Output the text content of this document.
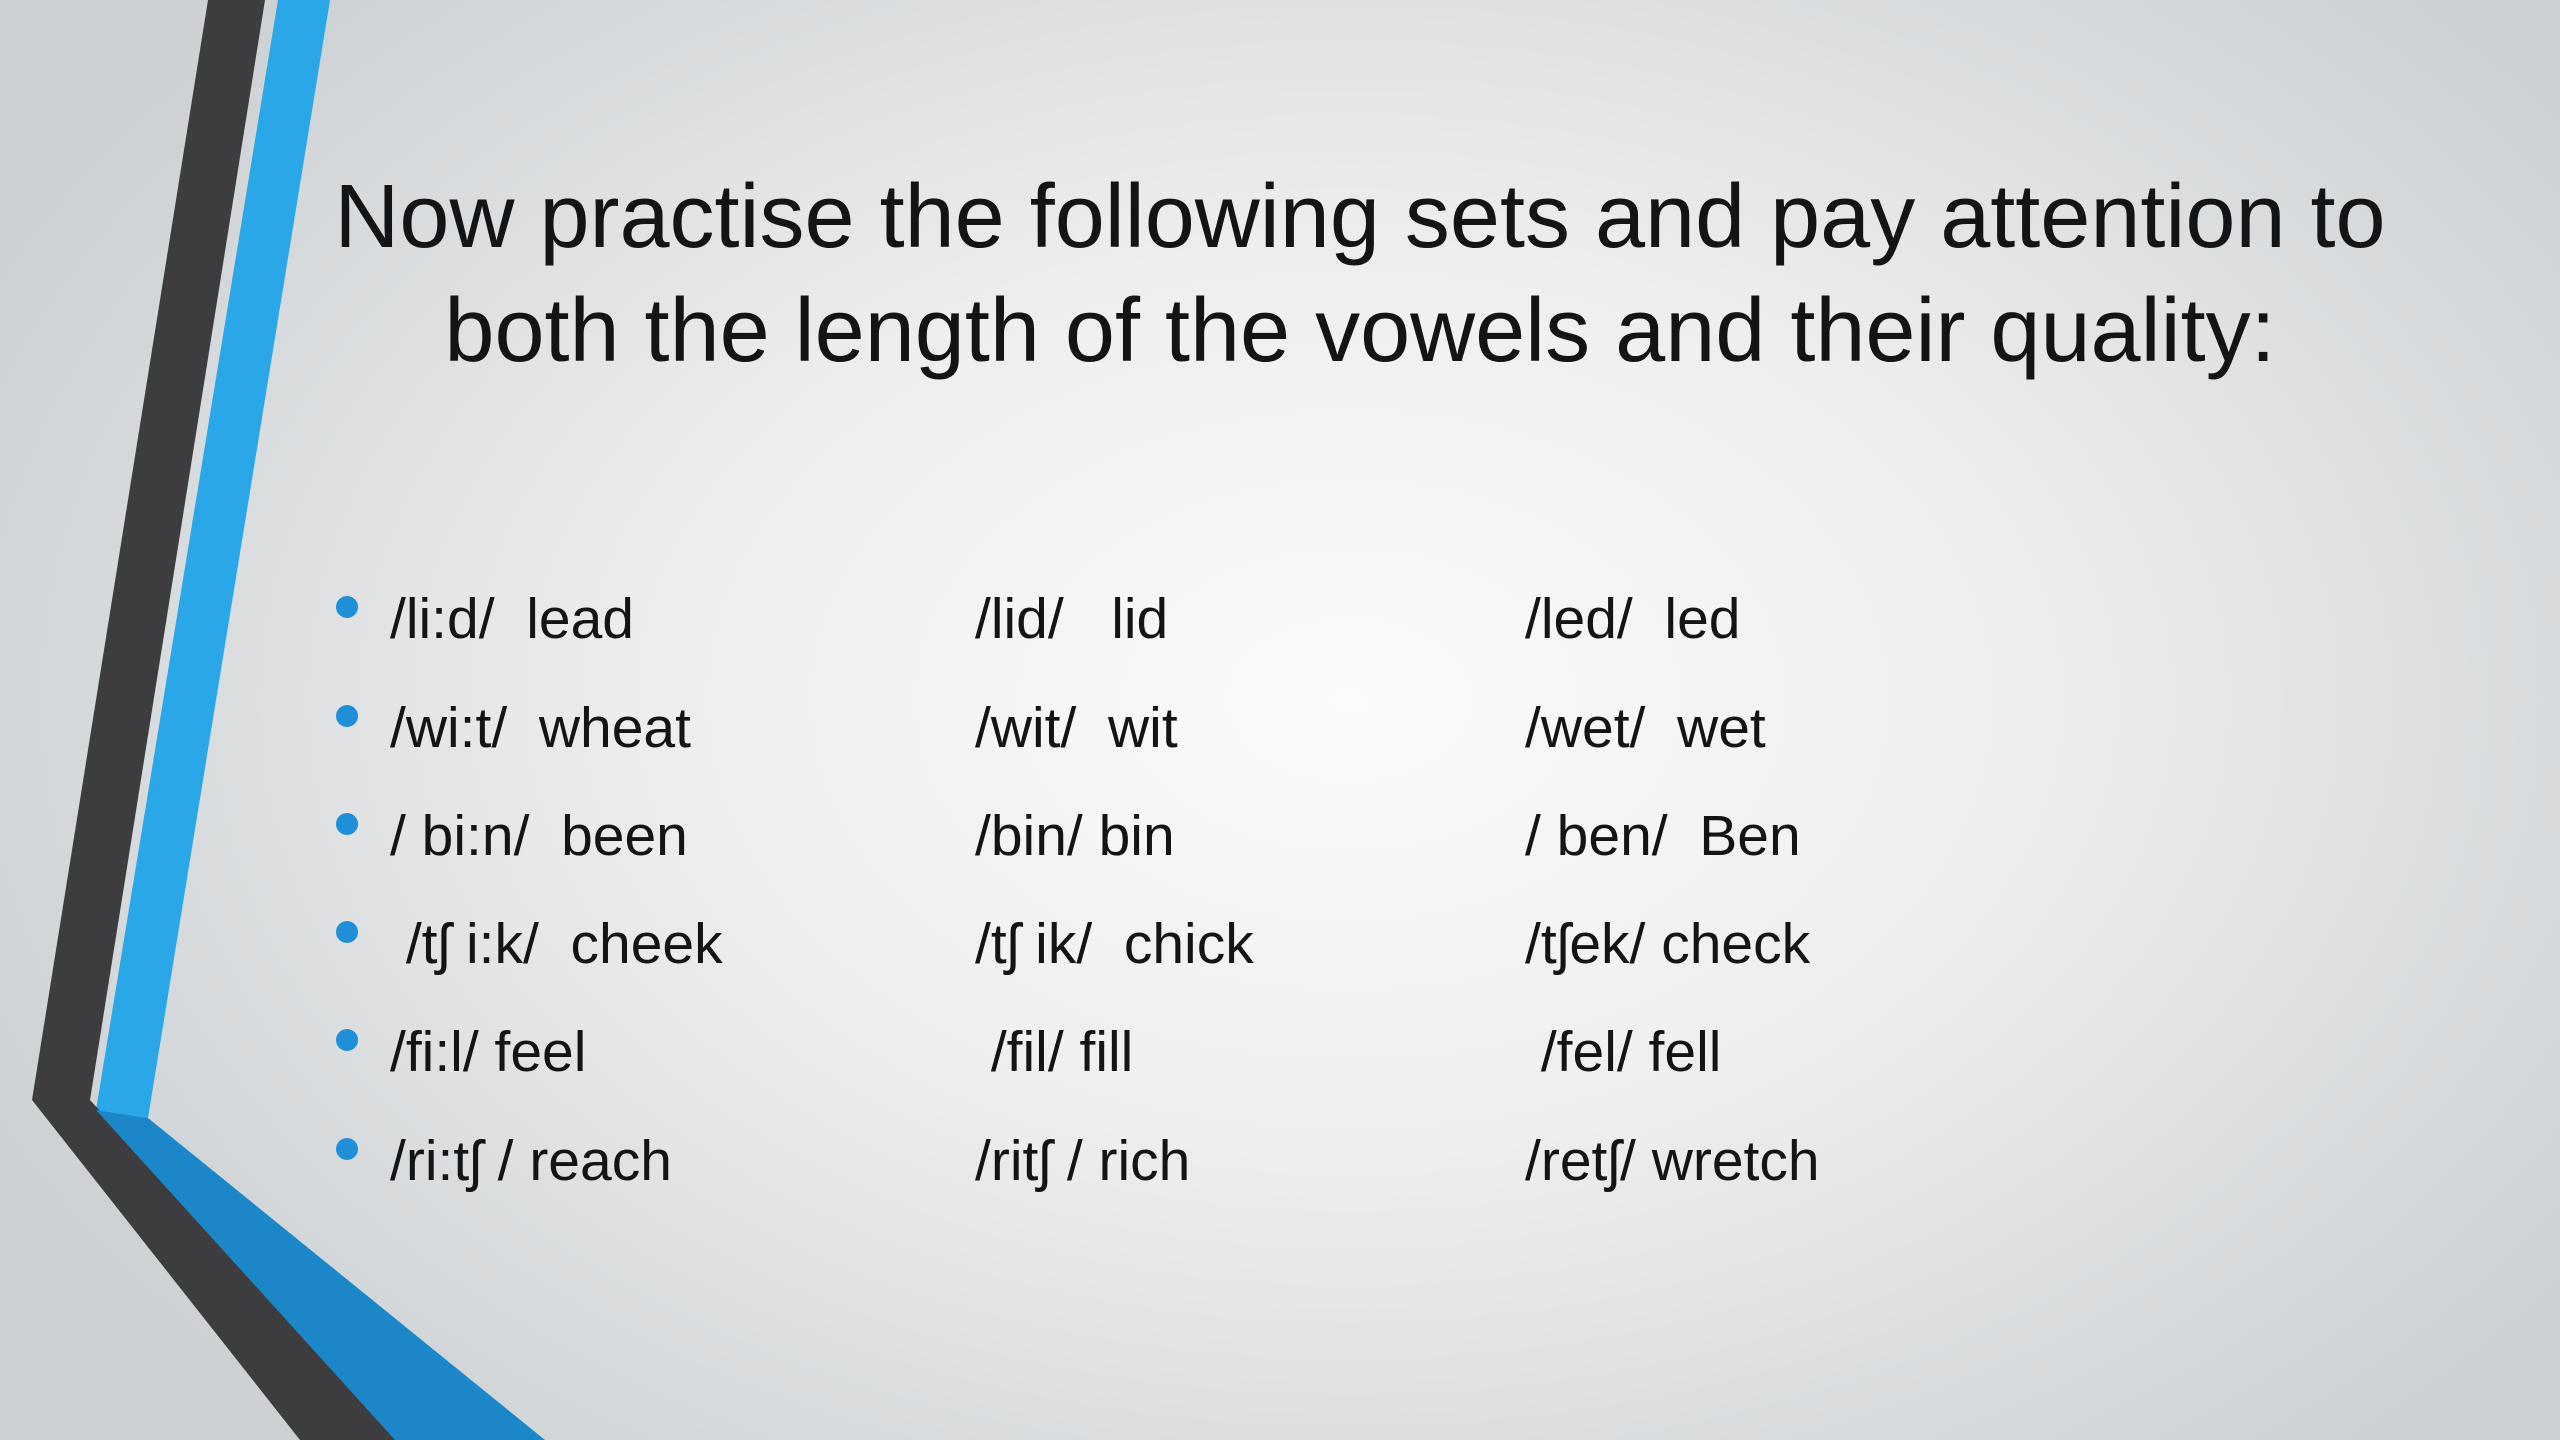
Now practise the following sets and pay attention to
both the length of the vowels and their quality:
/li:d/  lead	/lid/   lid	/led/  led
/wi:t/  wheat	/wit/  wit	/wet/  wet
/ bi:n/  been	/bin/ bin	/ ben/  Ben
/tʃ i:k/  cheek	/tʃ ik/  chick	/tʃek/ check
/fi:l/ feel	/fil/ fill	/fel/ fell
/ri:tʃ / reach	/ritʃ / rich	/retʃ/ wretch
